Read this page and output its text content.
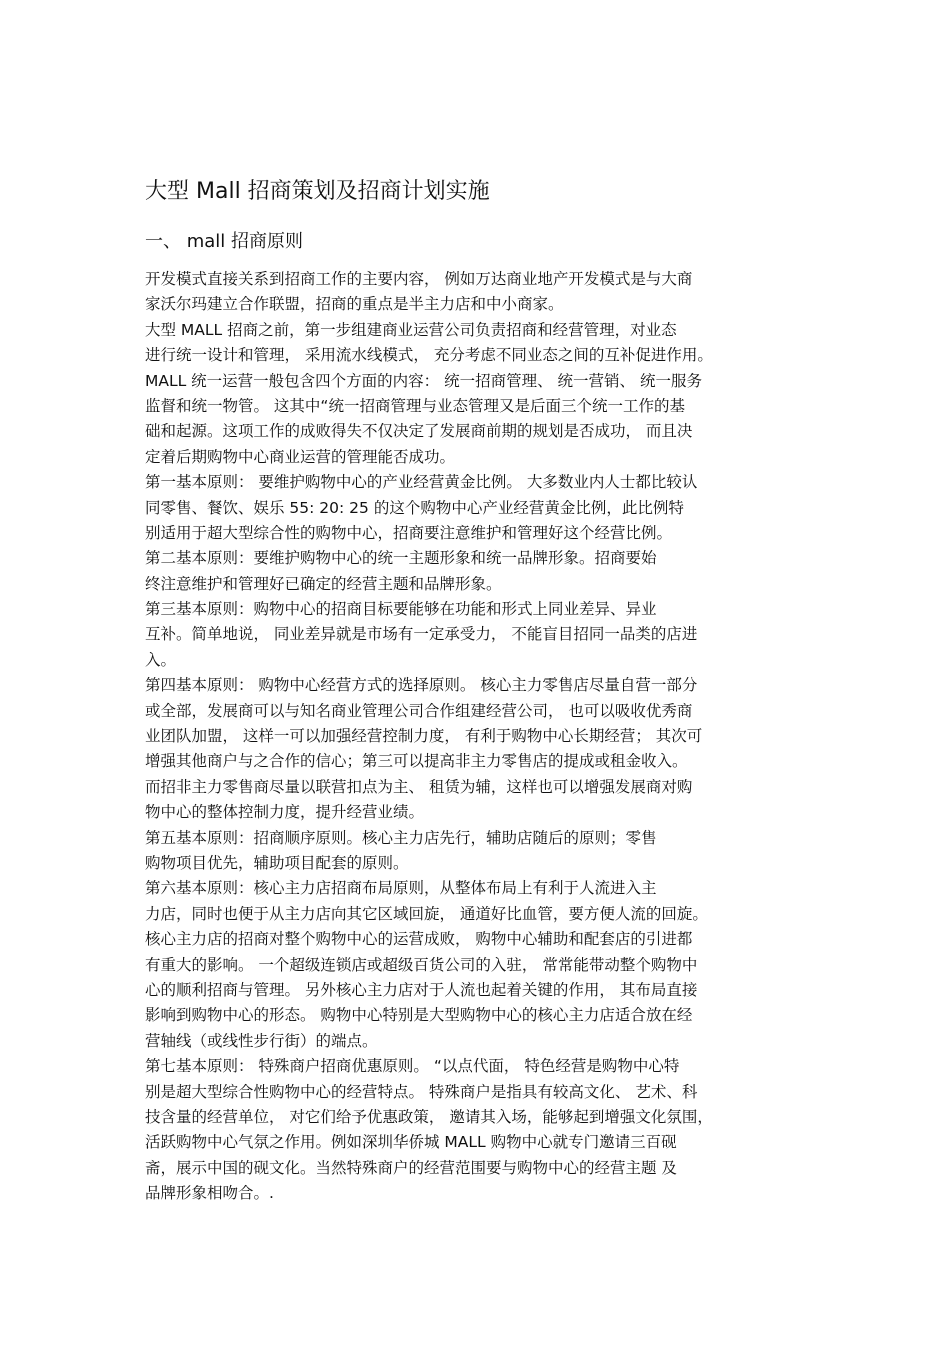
大型 Mall 招商策划及招商计划实施
一、 mall 招商原则
开发模式直接关系到招商工作的主要内容， 例如万达商业地产开发模式是与大商
家沃尔玛建立合作联盟，招商的重点是半主力店和中小商家。
大型 MALL 招商之前，第一步组建商业运营公司负责招商和经营管理，对业态
进行统一设计和管理， 采用流水线模式， 充分考虑不同业态之间的互补促进作用。
MALL 统一运营一般包含四个方面的内容： 统一招商管理、 统一营销、 统一服务
监督和统一物管。 这其中“统一招商管理与业态管理又是后面三个统一工作的基
础和起源。这项工作的成败得失不仅决定了发展商前期的规划是否成功， 而且决
定着后期购物中心商业运营的管理能否成功。
第一基本原则： 要维护购物中心的产业经营黄金比例。 大多数业内人士都比较认
同零售、餐饮、娱乐 55: 20: 25 的这个购物中心产业经营黄金比例，此比例特
别适用于超大型综合性的购物中心，招商要注意维护和管理好这个经营比例。
第二基本原则：要维护购物中心的统一主题形象和统一品牌形象。招商要始
终注意维护和管理好已确定的经营主题和品牌形象。
第三基本原则：购物中心的招商目标要能够在功能和形式上同业差异、异业
互补。简单地说， 同业差异就是市场有一定承受力， 不能盲目招同一品类的店进
入。
第四基本原则： 购物中心经营方式的选择原则。 核心主力零售店尽量自营一部分
或全部，发展商可以与知名商业管理公司合作组建经营公司， 也可以吸收优秀商
业团队加盟， 这样一可以加强经营控制力度， 有利于购物中心长期经营； 其次可
增强其他商户与之合作的信心；第三可以提高非主力零售店的提成或租金收入。
而招非主力零售商尽量以联营扣点为主、 租赁为辅，这样也可以增强发展商对购
物中心的整体控制力度，提升经营业绩。
第五基本原则：招商顺序原则。核心主力店先行，辅助店随后的原则；零售
购物项目优先，辅助项目配套的原则。
第六基本原则：核心主力店招商布局原则，从整体布局上有利于人流进入主
力店，同时也便于从主力店向其它区域回旋， 通道好比血管，要方便人流的回旋。
核心主力店的招商对整个购物中心的运营成败， 购物中心辅助和配套店的引进都
有重大的影响。 一个超级连锁店或超级百货公司的入驻， 常常能带动整个购物中
心的顺利招商与管理。 另外核心主力店对于人流也起着关键的作用， 其布局直接
影响到购物中心的形态。 购物中心特别是大型购物中心的核心主力店适合放在经
营轴线（或线性步行街）的端点。
第七基本原则： 特殊商户招商优惠原则。 “以点代面， 特色经营是购物中心特
别是超大型综合性购物中心的经营特点。 特殊商户是指具有较高文化、 艺术、科
技含量的经营单位， 对它们给予优惠政策， 邀请其入场，能够起到增强文化氛围，
活跃购物中心气氛之作用。例如深圳华侨城 MALL 购物中心就专门邀请三百砚
斋，展示中国的砚文化。当然特殊商户的经营范围要与购物中心的经营主题 及
品牌形象相吻合。.
